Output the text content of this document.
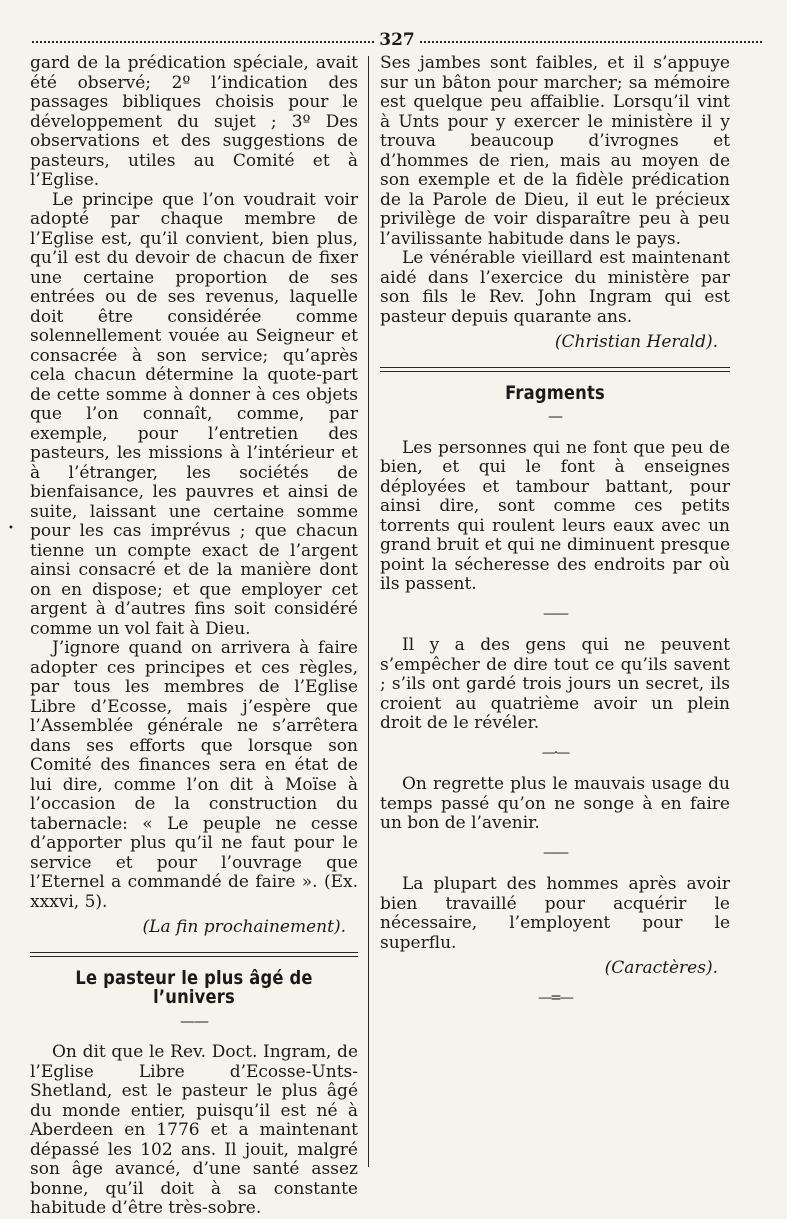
327
•

gard de la prédication spéciale, avait été observé; 2º l’indication des passages bibliques choisis pour le développement du sujet ; 3º Des observations et des suggestions de pasteurs, utiles au Comité et à l’Eglise.

Le principe que l’on voudrait voir adopté par chaque membre de l’Eglise est, qu’il convient, bien plus, qu’il est du devoir de chacun de fixer une certaine proportion de ses entrées ou de ses revenus, laquelle doit être considérée comme solennellement vouée au Seigneur et consacrée à son service; qu’après cela chacun détermine la quote-part de cette somme à donner à ces objets que l’on connaît, comme, par exemple, pour l’entretien des pasteurs, les missions à l’intérieur et à l’étranger, les sociétés de bienfaisance, les pauvres et ainsi de suite, laissant une certaine somme pour les cas imprévus ; que chacun tienne un compte exact de l’argent ainsi consacré et de la manière dont on en dispose; et que employer cet argent à d’autres fins soit considéré comme un vol fait à Dieu.

J’ignore quand on arrivera à faire adopter ces principes et ces règles, par tous les membres de l’Eglise Libre d’Ecosse, mais j’espère que l’Assemblée générale ne s’arrêtera dans ses efforts que lorsque son Comité des finances sera en état de lui dire, comme l’on dit à Moïse à l’occasion de la construction du tabernacle: « Le peuple ne cesse d’apporter plus qu’il ne faut pour le service et pour l’ouvrage que l’Eternel a commandé de faire ». (Ex. xxxvi, 5).

(La fin prochainement).

Le pasteur le plus âgé de l’univers
——

On dit que le Rev. Doct. Ingram, de l’Eglise Libre d’Ecosse-Unts-Shetland, est le pasteur le plus âgé du monde entier, puisqu’il est né à Aberdeen en 1776 et a maintenant dépassé les 102 ans. Il jouit, malgré son âge avancé, d’une santé assez bonne, qu’il doit à sa constante habitude d’être très-sobre.

Ses jambes sont faibles, et il s’appuye sur un bâton pour marcher; sa mémoire est quelque peu affaiblie. Lorsqu’il vint à Unts pour y exercer le ministère il y trouva beaucoup d’ivrognes et d’hommes de rien, mais au moyen de son exemple et de la fidèle prédication de la Parole de Dieu, il eut le précieux privilège de voir disparaître peu à peu l’avilissante habitude dans le pays.

Le vénérable vieillard est maintenant aidé dans l’exercice du ministère par son fils le Rev. John Ingram qui est pasteur depuis quarante ans.

(Christian Herald).

Fragments
—

Les personnes qui ne font que peu de bien, et qui le font à enseignes déployées et tambour battant, pour ainsi dire, sont comme ces petits torrents qui roulent leurs eaux avec un grand bruit et qui ne diminuent presque point la sécheresse des endroits par où ils passent.

——

Il y a des gens qui ne peuvent s’empêcher de dire tout ce qu’ils savent ; s’ils ont gardé trois jours un secret, ils croient au quatrième avoir un plein droit de le révéler.

—·—

On regrette plus le mauvais usage du temps passé qu’on ne songe à en faire un bon de l’avenir.

——

La plupart des hommes après avoir bien travaillé pour acquérir le nécessaire, l’employent pour le superflu.

(Caractères).

—=—
